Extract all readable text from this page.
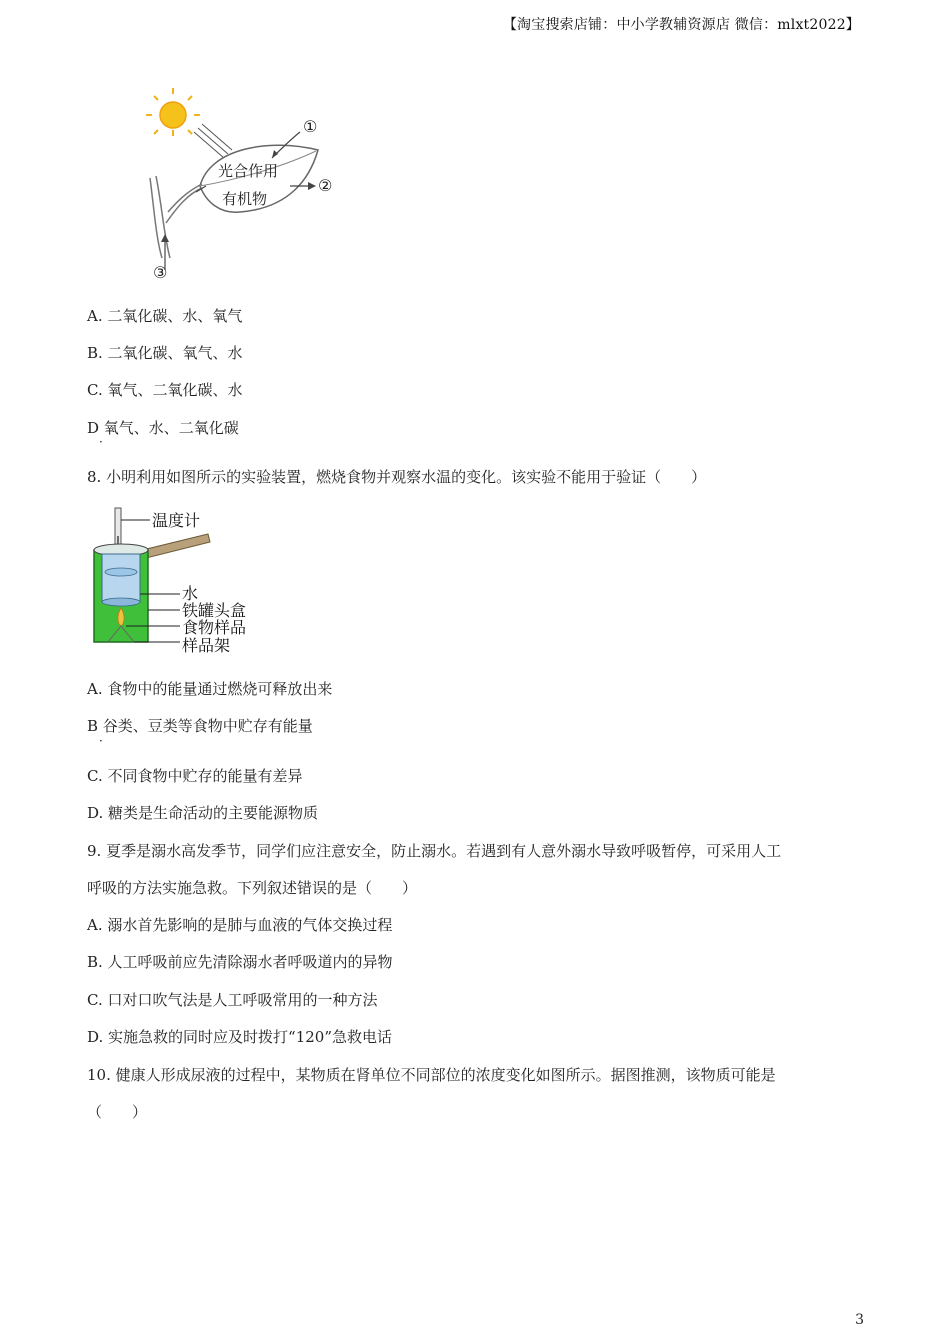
【淘宝搜索店铺：中小学教辅资源店 微信：mlxt2022】
光合作用
有机物
①
②
③
A. 二氧化碳、水、氧气
B. 二氧化碳、氧气、水
C. 氧气、二氧化碳、水
D 氧气、水、二氧化碳
·
8. 小明利用如图所示的实验装置，燃烧食物并观察水温的变化。该实验不能用于验证（　　）
温度计
水
铁罐头盒
食物样品
样品架
A. 食物中的能量通过燃烧可释放出来
B 谷类、豆类等食物中贮存有能量
·
C. 不同食物中贮存的能量有差异
D. 糖类是生命活动的主要能源物质
9. 夏季是溺水高发季节，同学们应注意安全，防止溺水。若遇到有人意外溺水导致呼吸暂停，可采用人工
呼吸的方法实施急救。下列叙述错误的是（　　）
A. 溺水首先影响的是肺与血液的气体交换过程
B. 人工呼吸前应先清除溺水者呼吸道内的异物
C. 口对口吹气法是人工呼吸常用的一种方法
D. 实施急救的同时应及时拨打“120”急救电话
10. 健康人形成尿液的过程中，某物质在肾单位不同部位的浓度变化如图所示。据图推测，该物质可能是
（　　）
3
